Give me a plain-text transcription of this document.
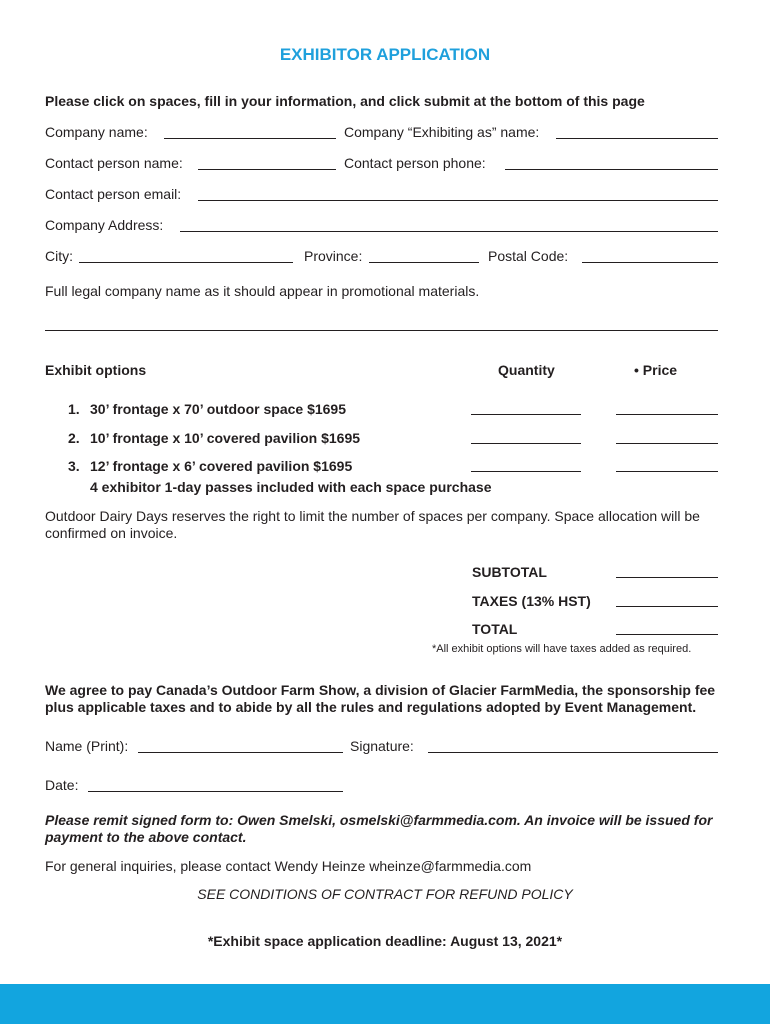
EXHIBITOR APPLICATION
Please click on spaces, fill in your information, and click submit at the bottom of this page
Company name:	Company “Exhibiting as” name:
Contact person name:	Contact person phone:
Contact person email:
Company Address:
City:	Province:	Postal Code:
Full legal company name as it should appear in promotional materials.
Exhibit options	Quantity	• Price
1. 30’ frontage x 70’ outdoor space $1695
2. 10’ frontage x 10’ covered pavilion $1695
3. 12’ frontage x 6’ covered pavilion $1695
4 exhibitor 1-day passes included with each space purchase
Outdoor Dairy Days reserves the right to limit the number of spaces per company. Space allocation will be confirmed on invoice.
SUBTOTAL
TAXES (13% HST)
TOTAL
*All exhibit options will have taxes added as required.
We agree to pay Canada’s Outdoor Farm Show, a division of Glacier FarmMedia, the sponsorship fee plus applicable taxes and to abide by all the rules and regulations adopted by Event Management.
Name (Print):	Signature:
Date:
Please remit signed form to: Owen Smelski, osmelski@farmmedia.com. An invoice will be issued for payment to the above contact.
For general inquiries, please contact Wendy Heinze wheinze@farmmedia.com
SEE CONDITIONS OF CONTRACT FOR REFUND POLICY
*Exhibit space application deadline: August 13, 2021*
